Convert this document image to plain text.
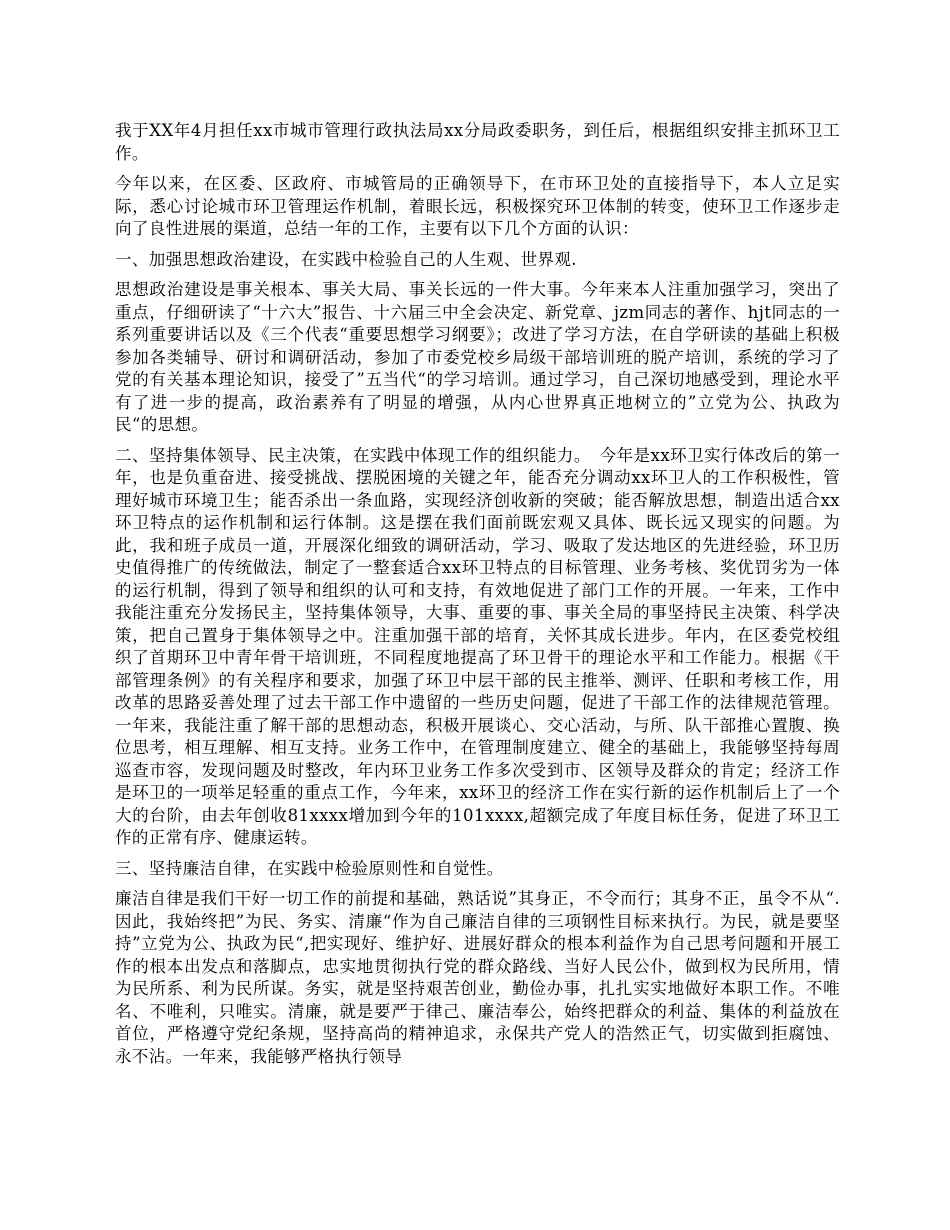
我于XX年4月担任xx市城市管理行政执法局xx分局政委职务，到任后，根据组织安排主抓环卫工作。

今年以来，在区委、区政府、市城管局的正确领导下，在市环卫处的直接指导下，本人立足实际，悉心讨论城市环卫管理运作机制，着眼长远，积极探究环卫体制的转变，使环卫工作逐步走向了良性进展的渠道，总结一年的工作，主要有以下几个方面的认识：

一、加强思想政治建设，在实践中检验自己的人生观、世界观.

思想政治建设是事关根本、事关大局、事关长远的一件大事。今年来本人注重加强学习，突出了重点，仔细研读了“十六大”报告、十六届三中全会决定、新党章、jzm同志的著作、hjt同志的一系列重要讲话以及《三个代表“重要思想学习纲要》；改进了学习方法，在自学研读的基础上积极参加各类辅导、研讨和调研活动，参加了市委党校乡局级干部培训班的脱产培训，系统的学习了党的有关基本理论知识，接受了”五当代“的学习培训。通过学习，自己深切地感受到，理论水平有了进一步的提高，政治素养有了明显的增强，从内心世界真正地树立的”立党为公、执政为民“的思想。

二、坚持集体领导、民主决策，在实践中体现工作的组织能力。　今年是xx环卫实行体改后的第一年，也是负重奋进、接受挑战、摆脱困境的关键之年，能否充分调动xx环卫人的工作积极性，管理好城市环境卫生；能否杀出一条血路，实现经济创收新的突破；能否解放思想，制造出适合xx环卫特点的运作机制和运行体制。这是摆在我们面前既宏观又具体、既长远又现实的问题。为此，我和班子成员一道，开展深化细致的调研活动，学习、吸取了发达地区的先进经验，环卫历史值得推广的传统做法，制定了一整套适合xx环卫特点的目标管理、业务考核、奖优罚劣为一体的运行机制，得到了领导和组织的认可和支持，有效地促进了部门工作的开展。一年来，工作中我能注重充分发扬民主，坚持集体领导，大事、重要的事、事关全局的事坚持民主决策、科学决策，把自己置身于集体领导之中。注重加强干部的培育，关怀其成长进步。年内，在区委党校组织了首期环卫中青年骨干培训班，不同程度地提高了环卫骨干的理论水平和工作能力。根据《干部管理条例》的有关程序和要求，加强了环卫中层干部的民主推举、测评、任职和考核工作，用改革的思路妥善处理了过去干部工作中遗留的一些历史问题，促进了干部工作的法律规范管理。一年来，我能注重了解干部的思想动态，积极开展谈心、交心活动，与所、队干部推心置腹、换位思考，相互理解、相互支持。业务工作中，在管理制度建立、健全的基础上，我能够坚持每周巡查市容，发现问题及时整改，年内环卫业务工作多次受到市、区领导及群众的肯定；经济工作是环卫的一项举足轻重的重点工作，今年来，xx环卫的经济工作在实行新的运作机制后上了一个大的台阶，由去年创收81xxxx增加到今年的101xxxx,超额完成了年度目标任务，促进了环卫工作的正常有序、健康运转。

三、坚持廉洁自律，在实践中检验原则性和自觉性。

廉洁自律是我们干好一切工作的前提和基础，熟话说”其身正，不令而行；其身不正，虽令不从“.因此，我始终把”为民、务实、清廉“作为自己廉洁自律的三项钢性目标来执行。为民，就是要坚持”立党为公、执政为民“,把实现好、维护好、进展好群众的根本利益作为自己思考问题和开展工作的根本出发点和落脚点，忠实地贯彻执行党的群众路线、当好人民公仆，做到权为民所用，情为民所系、利为民所谋。务实，就是坚持艰苦创业，勤俭办事，扎扎实实地做好本职工作。不唯名、不唯利，只唯实。清廉，就是要严于律己、廉洁奉公，始终把群众的利益、集体的利益放在首位，严格遵守党纪条规，坚持高尚的精神追求，永保共产党人的浩然正气，切实做到拒腐蚀、永不沾。一年来，我能够严格执行领导
